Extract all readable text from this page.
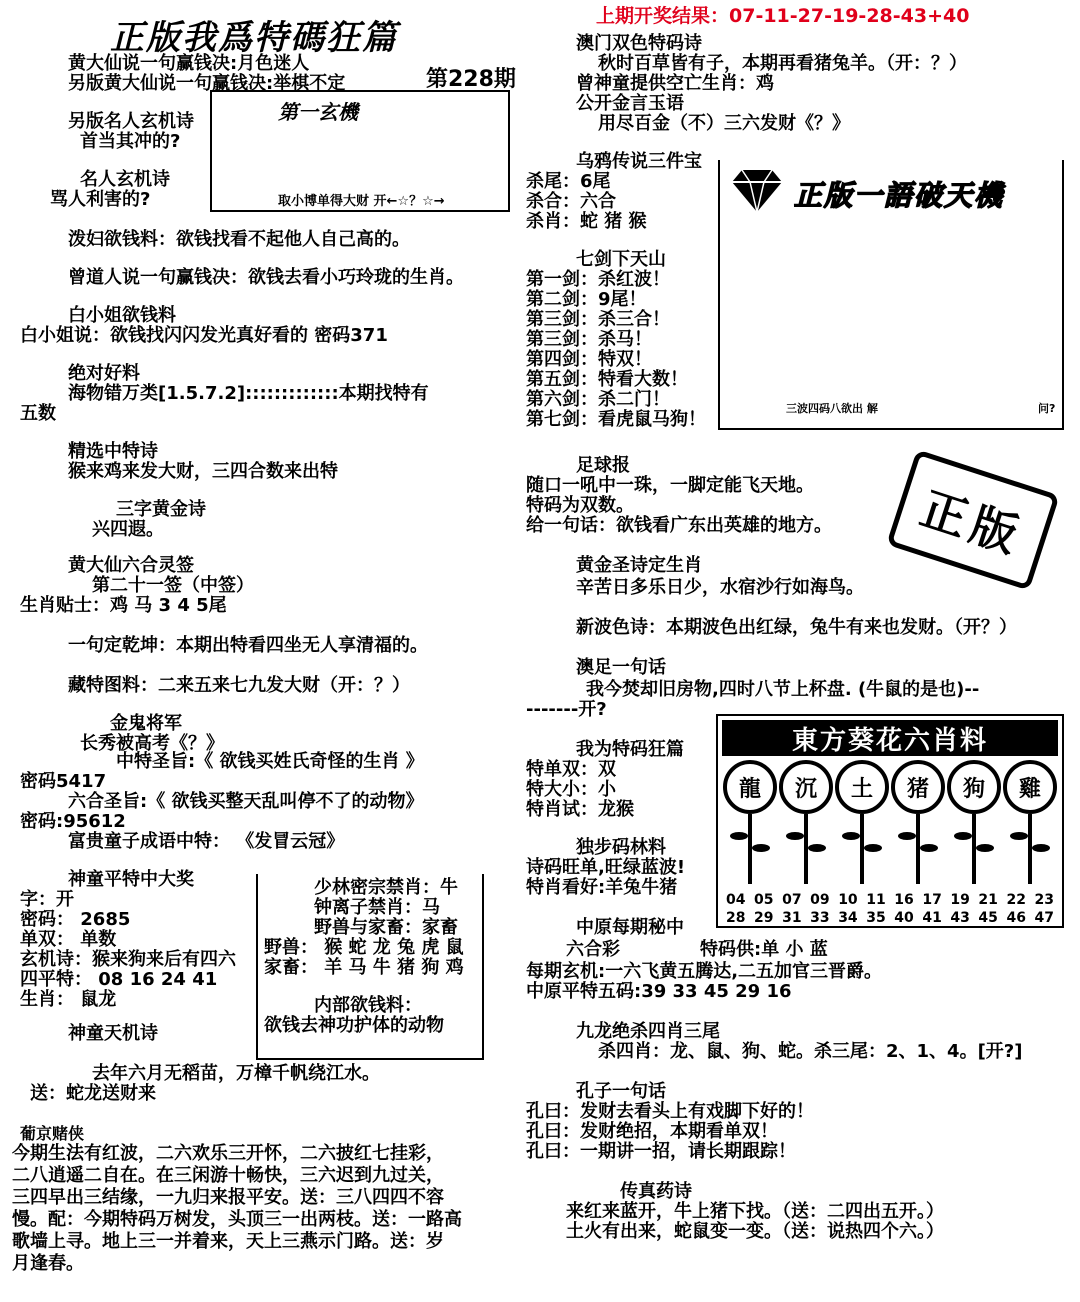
正版我爲特碼狂篇
上期开奖结果：07-11-27-19-28-43+40
第228期
黄大仙说一句赢钱决:月色迷人
另版黄大仙说一句赢钱决:举棋不定
另版名人玄机诗
首当其冲的?
名人玄机诗
骂人利害的?
第一玄機
取小博单得大财 开←☆？☆→
泼妇欲钱料：欲钱找看不起他人自己高的。
曾道人说一句赢钱决：欲钱去看小巧玲珑的生肖。
白小姐欲钱料
白小姐说：欲钱找闪闪发光真好看的 密码371
绝对好料
海物错万类[1.5.7.2]:::::::::::::本期找特有
五数
精选中特诗
猴来鸡来发大财，三四合数来出特
三字黄金诗
兴四遐。
黄大仙六合灵签
第二十一签（中签）
生肖贴士：鸡 马 3 4 5尾
一句定乾坤：本期出特看四坐无人享清福的。
藏特图料：二来五来七九发大财（开：？）
金鬼将军
长秀被高考《？》
中特圣旨:《 欲钱买姓氏奇怪的生肖 》
密码5417
六合圣旨:《 欲钱买整天乱叫停不了的动物》
密码:95612
富贵童子成语中特： 《发冒云冠》
神童平特中大奖
字：开
密码： 2685
单双： 单数
玄机诗：猴来狗来后有四六
四平特： 08 16 24 41
生肖： 鼠龙
少林密宗禁肖：牛
钟离子禁肖：马
野兽与家畜：家畜
野兽： 猴 蛇 龙 兔 虎 鼠
家畜： 羊 马 牛 猪 狗 鸡
内部欲钱料：
欲钱去神功护体的动物
神童天机诗
去年六月无稻苗，万樟千帆绕江水。
送：蛇龙送财来
葡京赌侠
今期生法有红波，二六欢乐三开怀，二六披红七挂彩，
二八逍遥二自在。在三闲游十畅快，三六迟到九过关，
三四早出三结缘，一九归来报平安。送：三八四四不容
慢。配：今期特码万树发，头顶三一出两枝。送：一路高
歌墙上寻。地上三一并着来，天上三燕示门路。送：岁
月逢春。
澳门双色特码诗
秋时百草皆有子，本期再看猪兔羊。（开：？）
曾神童提供空亡生肖：鸡
公开金言玉语
用尽百金（不）三六发财《？》
乌鸦传说三件宝
杀尾：6尾
杀合：六合
杀肖：蛇 猪 猴
七剑下天山
第一剑：杀红波！
第二剑：9尾！
第三剑：杀三合！
第三剑：杀马！
第四剑：特双！
第五剑：特看大数！
第六剑：杀二门！
第七剑：看虎鼠马狗！
正版一語破天機
三波四码八欲出 解	问?
足球报
随口一吼中一珠，一脚定能飞天地。
特码为双数。
给一句话：欲钱看广东出英雄的地方。 正版
黄金圣诗定生肖
辛苦日多乐日少，水宿沙行如海鸟。
新波色诗：本期波色出红绿，兔牛有来也发财。（开？）
澳足一句话
我今焚却旧房物,四时八节上杯盘. (牛鼠的是也)--
-------开?
我为特码狂篇
特单双：双
特大小：小
特肖试：龙猴
独步码林料
诗码旺单,旺绿蓝波!
特肖看好:羊兔牛猪
東方葵花六肖料
龍	沉	土	猪	狗	雞
04 05 07 09 10 11 16 17 19 21 22 23
28 29 31 33 34 35 40 41 43 45 46 47
中原每期秘中
六合彩	特码供:单 小 蓝
每期玄机:一六飞黄五腾达,二五加官三晋爵。
中原平特五码:39 33 45 29 16
九龙绝杀四肖三尾
杀四肖：龙、鼠、狗、蛇。杀三尾：2、1、4。[开?]
孔子一句话
孔曰：发财去看头上有戏脚下好的！
孔曰：发财绝招，本期看单双！
孔曰：一期讲一招，请长期跟踪！
传真药诗
来红来蓝开，牛上猪下找。（送：二四出五开。）
土火有出来，蛇鼠变一变。（送：说热四个六。）
